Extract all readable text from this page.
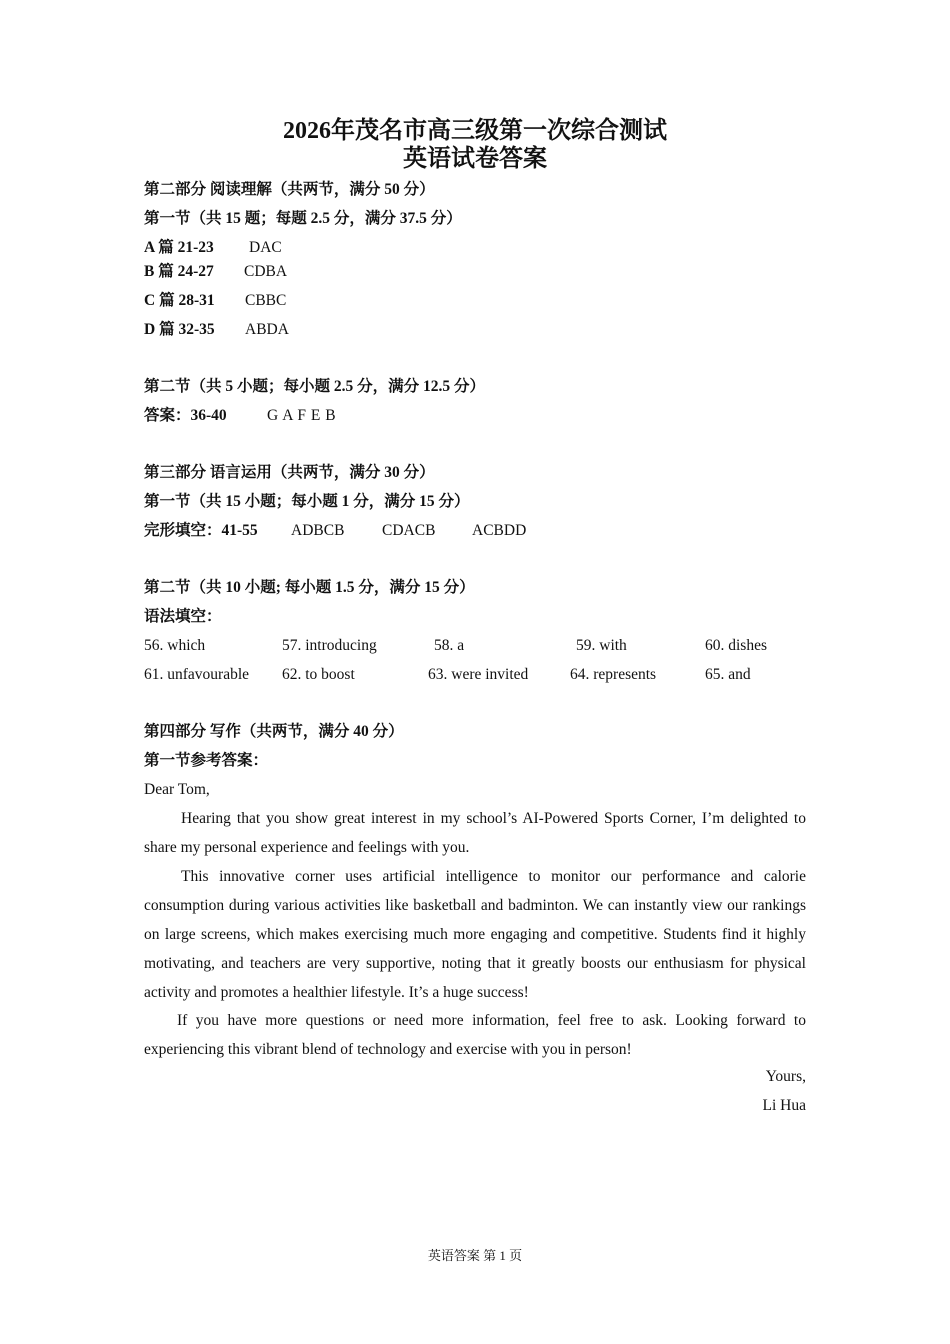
2026年茂名市高三级第一次综合测试
英语试卷答案
第二部分 阅读理解（共两节，满分 50 分）
第一节（共 15 题；每题 2.5 分，满分 37.5 分）
A 篇 21-23 DAC
B 篇 24-27 CDBA
C 篇 28-31 CBBC
D 篇 32-35 ABDA
第二节（共 5 小题；每小题 2.5 分，满分 12.5 分）
答案：36-40	G A F E B
第三部分 语言运用（共两节，满分 30 分）
第一节（共 15 小题；每小题 1 分，满分 15 分）
完形填空：41-55 ADBCB CDACB ACBDD
第二节（共 10 小题; 每小题 1.5 分，满分 15 分）
语法填空：
56. which	57. introducing	58. a	59. with	60. dishes
61. unfavourable 62. to boost	63. were invited	64. represents	65. and
第四部分 写作（共两节，满分 40 分）
第一节参考答案：
Dear Tom,
Hearing that you show great interest in my school’s AI-Powered Sports Corner, I’m delighted to share my personal experience and feelings with you.
This innovative corner uses artificial intelligence to monitor our performance and calorie consumption during various activities like basketball and badminton. We can instantly view our rankings on large screens, which makes exercising much more engaging and competitive. Students find it highly motivating, and teachers are very supportive, noting that it greatly boosts our enthusiasm for physical activity and promotes a healthier lifestyle. It’s a huge success!
If you have more questions or need more information, feel free to ask. Looking forward to experiencing this vibrant blend of technology and exercise with you in person!
Yours,
Li Hua
英语答案 第 1 页
